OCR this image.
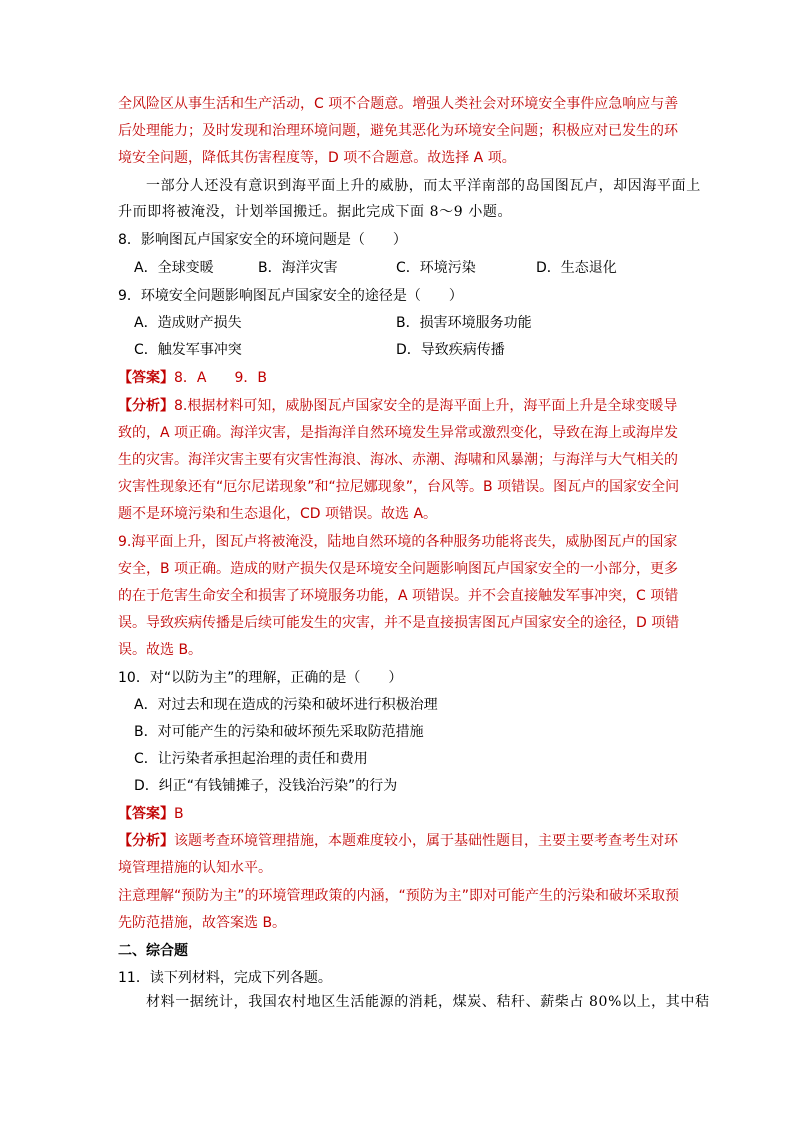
全风险区从事生活和生产活动，C 项不合题意。增强人类社会对环境安全事件应急响应与善
后处理能力；及时发现和治理环境问题，避免其恶化为环境安全问题；积极应对已发生的环
境安全问题，降低其伤害程度等，D 项不合题意。故选择 A 项。
一部分人还没有意识到海平面上升的威胁，而太平洋南部的岛国图瓦卢，却因海平面上
升而即将被淹没，计划举国搬迁。据此完成下面 8～9 小题。
8．影响图瓦卢国家安全的环境问题是（　　）
A．全球变暖	B．海洋灾害	C．环境污染	D．生态退化
9．环境安全问题影响图瓦卢国家安全的途径是（　　）
A．造成财产损失	B．损害环境服务功能
C．触发军事冲突	D．导致疾病传播
【答案】8．A　　9．B
【分析】8.根据材料可知，威胁图瓦卢国家安全的是海平面上升，海平面上升是全球变暖导
致的，A 项正确。海洋灾害，是指海洋自然环境发生异常或激烈变化，导致在海上或海岸发
生的灾害。海洋灾害主要有灾害性海浪、海冰、赤潮、海啸和风暴潮；与海洋与大气相关的
灾害性现象还有“厄尔尼诺现象”和“拉尼娜现象”，台风等。B 项错误。图瓦卢的国家安全问
题不是环境污染和生态退化，CD 项错误。故选 A。
9.海平面上升，图瓦卢将被淹没，陆地自然环境的各种服务功能将丧失，威胁图瓦卢的国家
安全，B 项正确。造成的财产损失仅是环境安全问题影响图瓦卢国家安全的一小部分，更多
的在于危害生命安全和损害了环境服务功能，A 项错误。并不会直接触发军事冲突，C 项错
误。导致疾病传播是后续可能发生的灾害，并不是直接损害图瓦卢国家安全的途径，D 项错
误。故选 B。
10．对“以防为主”的理解，正确的是（　　）
A．对过去和现在造成的污染和破坏进行积极治理
B．对可能产生的污染和破坏预先采取防范措施
C．让污染者承担起治理的责任和费用
D．纠正“有钱铺摊子，没钱治污染”的行为
【答案】B
【分析】该题考查环境管理措施，本题难度较小，属于基础性题目，主要主要考查考生对环
境管理措施的认知水平。
注意理解“预防为主”的环境管理政策的内涵，“预防为主”即对可能产生的污染和破坏采取预
先防范措施，故答案选 B。
二、综合题
11．读下列材料，完成下列各题。
材料一据统计，我国农村地区生活能源的消耗，煤炭、秸秆、薪柴占 80%以上，其中秸
